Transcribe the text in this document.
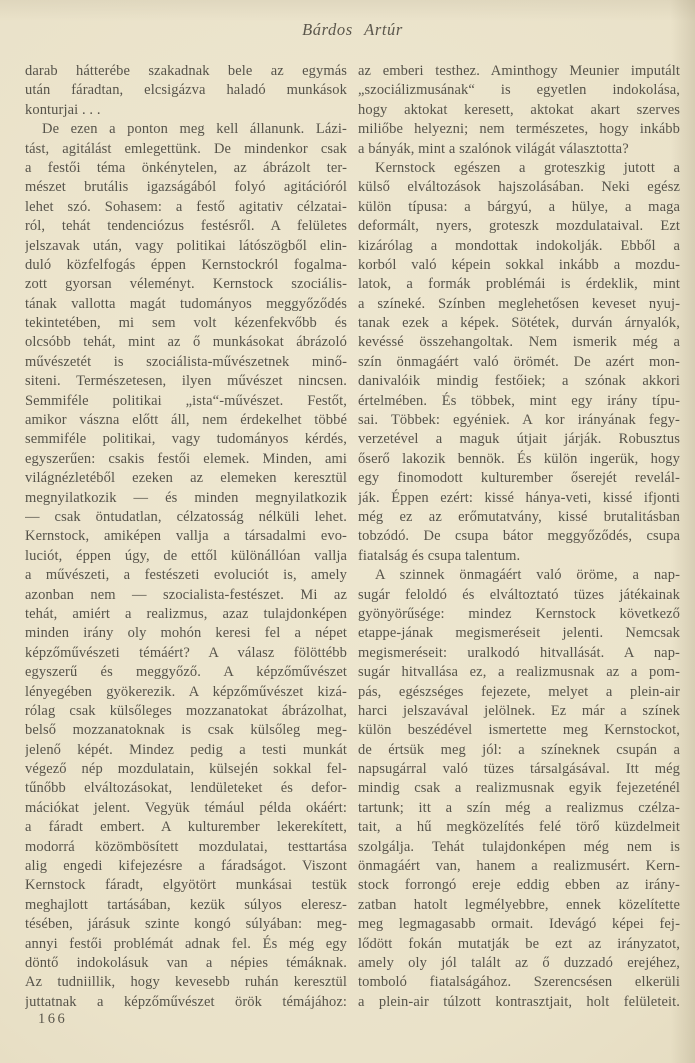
Bárdos Artúr
darab hátterébe szakadnak bele az egymás
után fáradtan, elcsigázva haladó munkások
konturjai . . .
De ezen a ponton meg kell állanunk. Lázi-
tást, agitálást emlegettünk. De mindenkor csak
a festői téma önkénytelen, az ábrázolt ter-
mészet brutális igazságából folyó agitációról
lehet szó. Sohasem: a festő agitativ célzatai-
ról, tehát tendenciózus festésről. A felületes
jelszavak után, vagy politikai látószögből elin-
duló közfelfogás éppen Kernstockról fogalma-
zott gyorsan véleményt. Kernstock szociális-
tának vallotta magát tudományos meggyőződés
tekintetében, mi sem volt kézenfekvőbb és
olcsóbb tehát, mint az ő munkásokat ábrázoló
művészetét is szociálista-művészetnek minő-
siteni. Természetesen, ilyen művészet nincsen.
Semmiféle politikai „ista“-művészet. Festőt,
amikor vászna előtt áll, nem érdekelhet többé
semmiféle politikai, vagy tudományos kérdés,
egyszerűen: csakis festői elemek. Minden, ami
világnézletéből ezeken az elemeken keresztül
megnyilatkozik — és minden megnyilatkozik
— csak öntudatlan, célzatosság nélküli lehet.
Kernstock, amiképen vallja a társadalmi evo-
luciót, éppen úgy, de ettől különállóan vallja
a művészeti, a festészeti evoluciót is, amely
azonban nem — szocialista-festészet. Mi az
tehát, amiért a realizmus, azaz tulajdonképen
minden irány oly mohón keresi fel a népet
képzőművészeti témáért? A válasz fölöttébb
egyszerű és meggyőző. A képzőművészet
lényegében gyökerezik. A képzőművészet kizá-
rólag csak külsőleges mozzanatokat ábrázolhat,
belső mozzanatoknak is csak külsőleg meg-
jelenő képét. Mindez pedig a testi munkát
végező nép mozdulatain, külsején sokkal fel-
tűnőbb elváltozásokat, lendületeket és defor-
mációkat jelent. Vegyük témául példa okáért:
a fáradt embert. A kulturember lekerekített,
modorrá közömbösített mozdulatai, testtartása
alig engedi kifejezésre a fáradságot. Viszont
Kernstock fáradt, elgyötört munkásai testük
meghajlott tartásában, kezük súlyos eleresz-
tésében, járásuk szinte kongó súlyában: meg-
annyi festői problémát adnak fel. És még egy
döntő indokolásuk van a népies témáknak.
Az tudniillik, hogy kevesebb ruhán keresztül
juttatnak a képzőművészet örök témájához:
az emberi testhez. Aminthogy Meunier imputált
„szociálizmusának“ is egyetlen indokolása,
hogy aktokat keresett, aktokat akart szerves
miliőbe helyezni; nem természetes, hogy inkább
a bányák, mint a szalónok világát választotta?
Kernstock egészen a groteszkig jutott a
külső elváltozások hajszolásában. Neki egész
külön típusa: a bárgyú, a hülye, a maga
deformált, nyers, groteszk mozdulataival. Ezt
kizárólag a mondottak indokolják. Ebből a
korból való képein sokkal inkább a mozdu-
latok, a formák problémái is érdeklik, mint
a színeké. Színben meglehetősen keveset nyuj-
tanak ezek a képek. Sötétek, durván árnyalók,
kevéssé összehangoltak. Nem ismerik még a
szín önmagáért való örömét. De azért mon-
danivalóik mindig festőiek; a szónak akkori
értelmében. És többek, mint egy irány típu-
sai. Többek: egyéniek. A kor irányának fegy-
verzetével a maguk útjait járják. Robusztus
őserő lakozik bennök. És külön ingerük, hogy
egy finomodott kulturember őserejét revelál-
ják. Éppen ezért: kissé hánya-veti, kissé ifjonti
még ez az erőmutatvány, kissé brutalitásban
tobzódó. De csupa bátor meggyőződés, csupa
fiatalság és csupa talentum.
A szinnek önmagáért való öröme, a nap-
sugár feloldó és elváltoztató tüzes játékainak
gyönyörűsége: mindez Kernstock következő
etappe-jának megismeréseit jelenti. Nemcsak
megismeréseit: uralkodó hitvallását. A nap-
sugár hitvallása ez, a realizmusnak az a pom-
pás, egészséges fejezete, melyet a plein-air
harci jelszavával jelölnek. Ez már a színek
külön beszédével ismertette meg Kernstockot,
de értsük meg jól: a színeknek csupán a
napsugárral való tüzes társalgásával. Itt még
mindig csak a realizmusnak egyik fejezeténél
tartunk; itt a szín még a realizmus czélza-
tait, a hű megközelítés felé törő küzdelmeit
szolgálja. Tehát tulajdonképen még nem is
önmagáért van, hanem a realizmusért. Kern-
stock forrongó ereje eddig ebben az irány-
zatban hatolt legmélyebbre, ennek közelítette
meg legmagasabb ormait. Idevágó képei fej-
lődött fokán mutatják be ezt az irányzatot,
amely oly jól talált az ő duzzadó erejéhez,
tomboló fiatalságához. Szerencsésen elkerüli
a plein-air túlzott kontrasztjait, holt felületeit.
166
